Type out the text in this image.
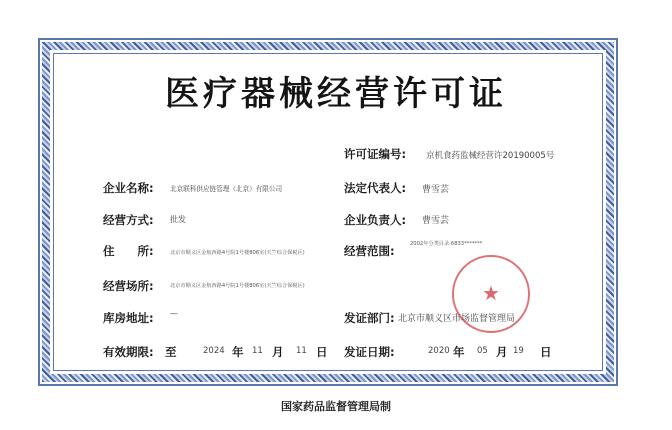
医疗器械经营许可证
许可证编号: 京机食药监械经营许20190005号
企业名称: 北京联科供应链管理（北京）有限公司	法定代表人: 曹雪芸
经营方式: 批发	企业负责人: 曹雪芸
住　　所:	北京市顺义区金航西路4号院1号楼806室(天竺综合保税区)	经营范围:	2002年分类目录:6833*******
经营场所:	北京市顺义区金航西路4号院1号楼806室(天竺综合保税区)
库房地址: —
★
发证部门: 北京市顺义区市场监督管理局
有效期限: 至	2024 年 11 月 11 日 发证日期:	2020 年 05 月 19 日
国家药品监督管理局制
